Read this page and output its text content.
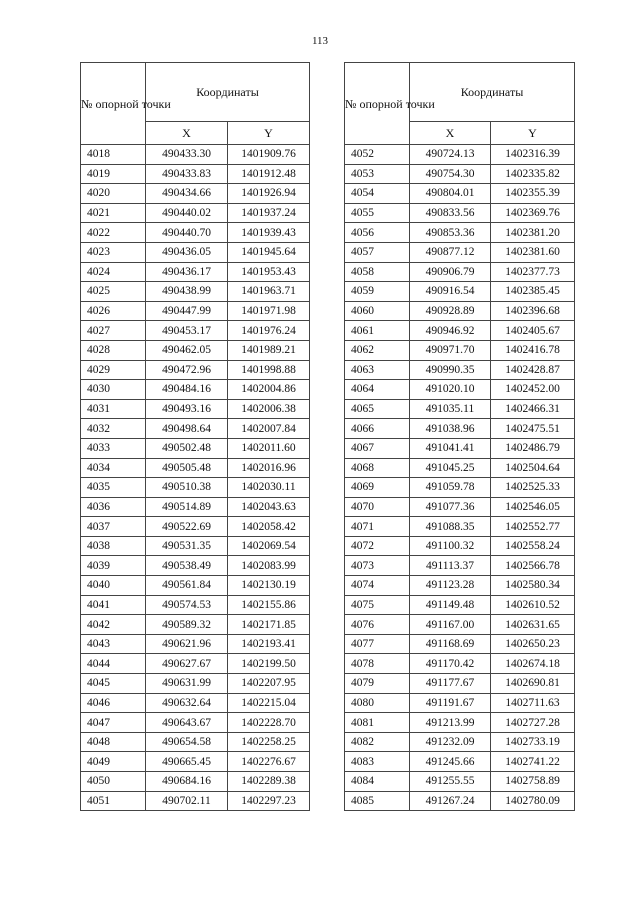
113
№ опорной точки	Координаты	
	X	Y
4018	490433.30	1401909.76
4019	490433.83	1401912.48
4020	490434.66	1401926.94
4021	490440.02	1401937.24
4022	490440.70	1401939.43
4023	490436.05	1401945.64
4024	490436.17	1401953.43
4025	490438.99	1401963.71
4026	490447.99	1401971.98
4027	490453.17	1401976.24
4028	490462.05	1401989.21
4029	490472.96	1401998.88
4030	490484.16	1402004.86
4031	490493.16	1402006.38
4032	490498.64	1402007.84
4033	490502.48	1402011.60
4034	490505.48	1402016.96
4035	490510.38	1402030.11
4036	490514.89	1402043.63
4037	490522.69	1402058.42
4038	490531.35	1402069.54
4039	490538.49	1402083.99
4040	490561.84	1402130.19
4041	490574.53	1402155.86
4042	490589.32	1402171.85
4043	490621.96	1402193.41
4044	490627.67	1402199.50
4045	490631.99	1402207.95
4046	490632.64	1402215.04
4047	490643.67	1402228.70
4048	490654.58	1402258.25
4049	490665.45	1402276.67
4050	490684.16	1402289.38
4051	490702.11	1402297.23
№ опорной точки	Координаты	
	X	Y
4052	490724.13	1402316.39
4053	490754.30	1402335.82
4054	490804.01	1402355.39
4055	490833.56	1402369.76
4056	490853.36	1402381.20
4057	490877.12	1402381.60
4058	490906.79	1402377.73
4059	490916.54	1402385.45
4060	490928.89	1402396.68
4061	490946.92	1402405.67
4062	490971.70	1402416.78
4063	490990.35	1402428.87
4064	491020.10	1402452.00
4065	491035.11	1402466.31
4066	491038.96	1402475.51
4067	491041.41	1402486.79
4068	491045.25	1402504.64
4069	491059.78	1402525.33
4070	491077.36	1402546.05
4071	491088.35	1402552.77
4072	491100.32	1402558.24
4073	491113.37	1402566.78
4074	491123.28	1402580.34
4075	491149.48	1402610.52
4076	491167.00	1402631.65
4077	491168.69	1402650.23
4078	491170.42	1402674.18
4079	491177.67	1402690.81
4080	491191.67	1402711.63
4081	491213.99	1402727.28
4082	491232.09	1402733.19
4083	491245.66	1402741.22
4084	491255.55	1402758.89
4085	491267.24	1402780.09
